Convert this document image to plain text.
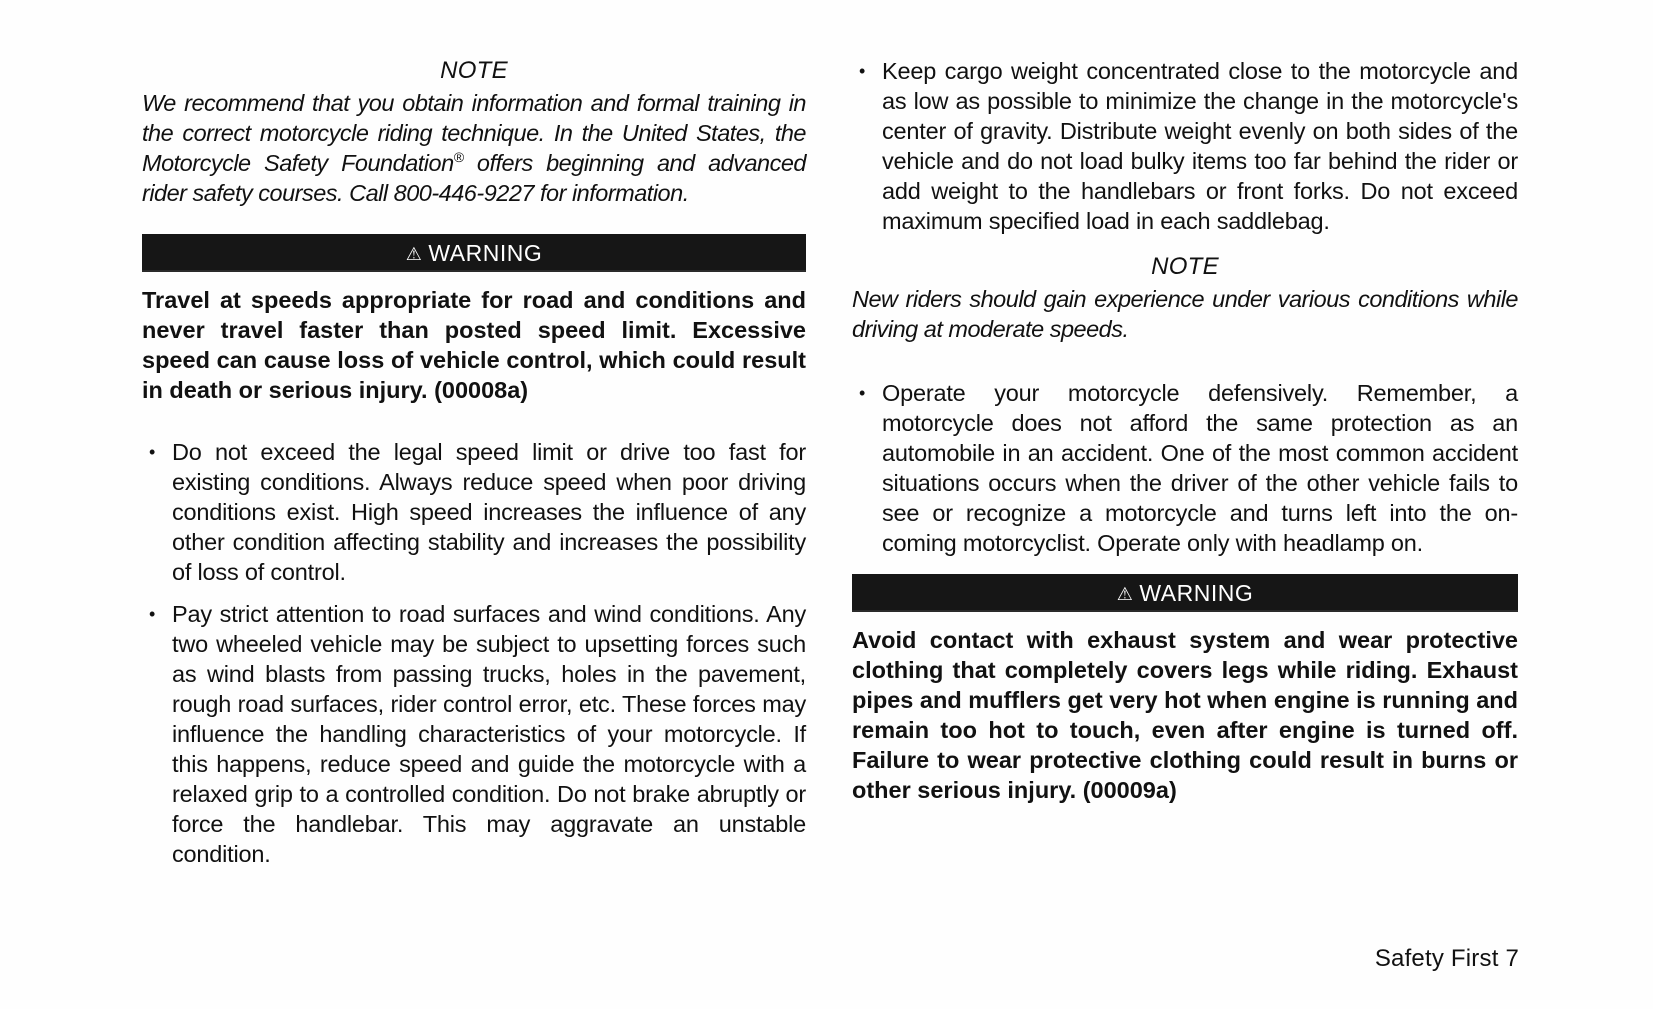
NOTE

We recommend that you obtain information and formal training in the correct motorcycle riding technique. In the United States, the Motorcycle Safety Foundation® offers beginning and advanced rider safety courses. Call 800-446-9227 for information.

⚠ WARNING

Travel at speeds appropriate for road and conditions and never travel faster than posted speed limit. Excessive speed can cause loss of vehicle control, which could result in death or serious injury. (00008a)

• Do not exceed the legal speed limit or drive too fast for existing conditions. Always reduce speed when poor driving conditions exist. High speed increases the influence of any other condition affecting stability and increases the possibility of loss of control.
• Pay strict attention to road surfaces and wind conditions. Any two wheeled vehicle may be subject to upsetting forces such as wind blasts from passing trucks, holes in the pavement, rough road surfaces, rider control error, etc. These forces may influence the handling characteristics of your motorcycle. If this happens, reduce speed and guide the motorcycle with a relaxed grip to a controlled condition. Do not brake abruptly or force the handlebar. This may aggravate an unstable condition.
• Keep cargo weight concentrated close to the motorcycle and as low as possible to minimize the change in the motorcycle's center of gravity. Distribute weight evenly on both sides of the vehicle and do not load bulky items too far behind the rider or add weight to the handlebars or front forks. Do not exceed maximum specified load in each saddlebag.

NOTE

New riders should gain experience under various conditions while driving at moderate speeds.

• Operate your motorcycle defensively. Remember, a motorcycle does not afford the same protection as an automobile in an accident. One of the most common accident situations occurs when the driver of the other vehicle fails to see or recognize a motorcycle and turns left into the on-coming motorcyclist. Operate only with headlamp on.
⚠ WARNING

Avoid contact with exhaust system and wear protective clothing that completely covers legs while riding. Exhaust pipes and mufflers get very hot when engine is running and remain too hot to touch, even after engine is turned off. Failure to wear protective clothing could result in burns or other serious injury. (00009a)

Safety First 7
